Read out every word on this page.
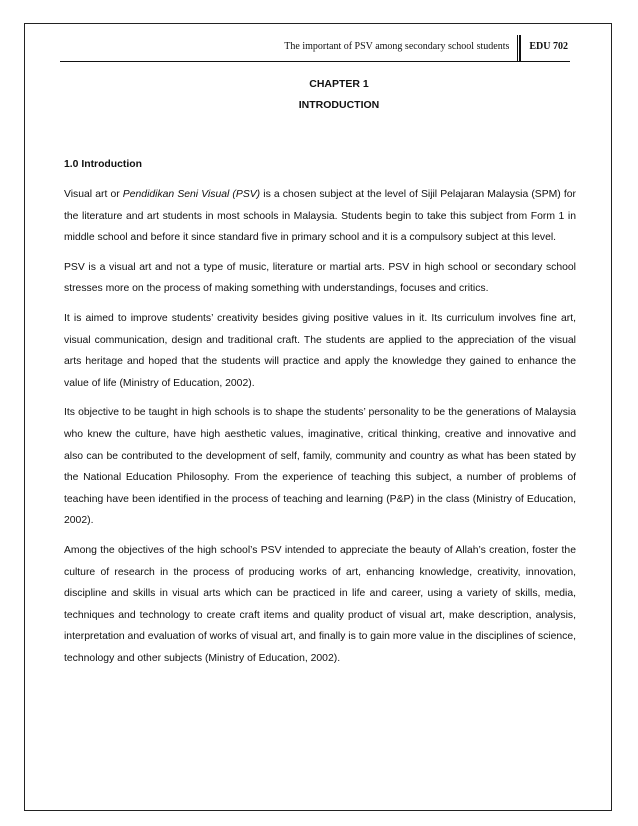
The important of PSV among secondary school students	EDU 702
CHAPTER 1
INTRODUCTION

1.0 Introduction

Visual art or Pendidikan Seni Visual (PSV) is a chosen subject at the level of Sijil Pelajaran Malaysia (SPM) for the literature and art students in most schools in Malaysia. Students begin to take this subject from Form 1 in middle school and before it since standard five in primary school and it is a compulsory subject at this level.

PSV is a visual art and not a type of music, literature or martial arts. PSV in high school or secondary school stresses more on the process of making something with understandings, focuses and critics.

It is aimed to improve students’ creativity besides giving positive values in it. Its curriculum involves fine art, visual communication, design and traditional craft. The students are applied to the appreciation of the visual arts heritage and hoped that the students will practice and apply the knowledge they gained to enhance the value of life (Ministry of Education, 2002).

Its objective to be taught in high schools is to shape the students’ personality to be the generations of Malaysia who knew the culture, have high aesthetic values, imaginative, critical thinking, creative and innovative and also can be contributed to the development of self, family, community and country as what has been stated by the National Education Philosophy. From the experience of teaching this subject, a number of problems of teaching have been identified in the process of teaching and learning (P&P) in the class (Ministry of Education, 2002).

Among the objectives of the high school’s PSV intended to appreciate the beauty of Allah’s creation, foster the culture of research in the process of producing works of art, enhancing knowledge, creativity, innovation, discipline and skills in visual arts which can be practiced in life and career, using a variety of skills, media, techniques and technology to create craft items and quality product of visual art, make description, analysis, interpretation and evaluation of works of visual art, and finally is to gain more value in the disciplines of science, technology and other subjects (Ministry of Education, 2002).
